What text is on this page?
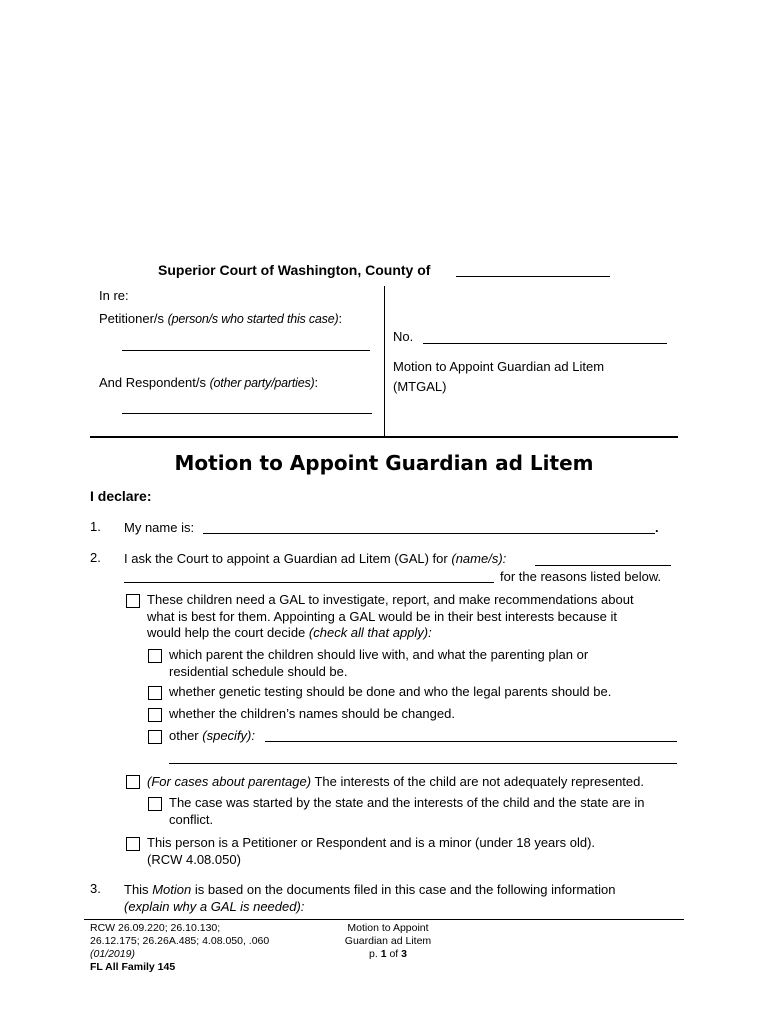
Superior Court of Washington, County of
In re:
Petitioner/s (person/s who started this case):
And Respondent/s (other party/parties):
No.
Motion to Appoint Guardian ad Litem
(MTGAL)
Motion to Appoint Guardian ad Litem
I declare:
1. My name is:	.
2. I ask the Court to appoint a Guardian ad Litem (GAL) for (name/s):
for the reasons listed below.
These children need a GAL to investigate, report, and make recommendations about
what is best for them. Appointing a GAL would be in their best interests because it
would help the court decide (check all that apply):
which parent the children should live with, and what the parenting plan or
residential schedule should be.
whether genetic testing should be done and who the legal parents should be.
whether the children’s names should be changed.
other (specify):
(For cases about parentage) The interests of the child are not adequately represented.
The case was started by the state and the interests of the child and the state are in
conflict.
This person is a Petitioner or Respondent and is a minor (under 18 years old).
(RCW 4.08.050)
3. This Motion is based on the documents filed in this case and the following information
(explain why a GAL is needed):
RCW 26.09.220; 26.10.130;
26.12.175; 26.26A.485; 4.08.050, .060
(01/2019)
FL All Family 145
Motion to Appoint
Guardian ad Litem
p. 1 of 3
